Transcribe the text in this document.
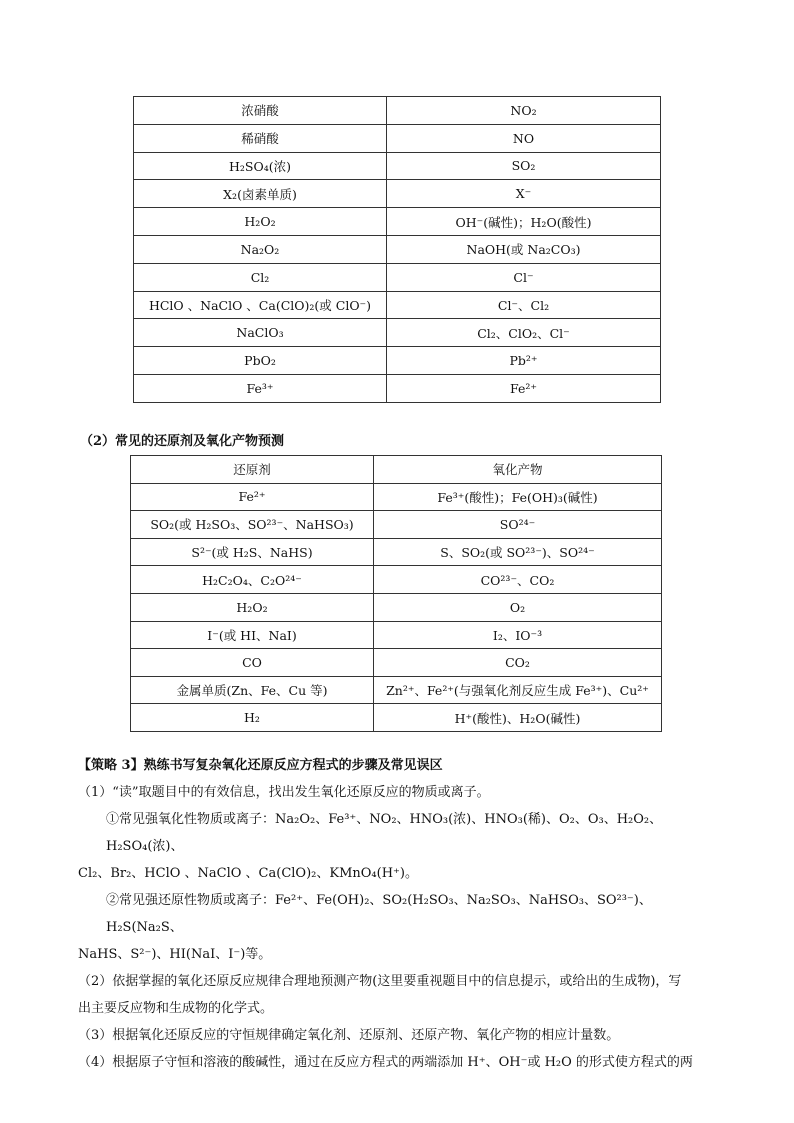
浓硝酸	NO₂
稀硝酸	NO
H₂SO₄(浓)	SO₂
X₂(卤素单质)	X⁻
H₂O₂	OH⁻(碱性)；H₂O(酸性)
Na₂O₂	NaOH(或 Na₂CO₃)
Cl₂	Cl⁻
HClO 、NaClO 、Ca(ClO)₂(或 ClO⁻)	Cl⁻、Cl₂
NaClO₃	Cl₂、ClO₂、Cl⁻
PbO₂	Pb²⁺
Fe³⁺	Fe²⁺
（2）常见的还原剂及氧化产物预测
还原剂	氧化产物
Fe²⁺	Fe³⁺(酸性)；Fe(OH)₃(碱性)
SO₂(或 H₂SO₃、SO²³⁻、NaHSO₃)	SO²⁴⁻
S²⁻(或 H₂S、NaHS)	S、SO₂(或 SO²³⁻)、SO²⁴⁻
H₂C₂O₄、C₂O²⁴⁻	CO²³⁻、CO₂
H₂O₂	O₂
I⁻(或 HI、NaI)	I₂、IO⁻³
CO	CO₂
金属单质(Zn、Fe、Cu 等)	Zn²⁺、Fe²⁺(与强氧化剂反应生成 Fe³⁺)、Cu²⁺
H₂	H⁺(酸性)、H₂O(碱性)

【策略 3】熟练书写复杂氧化还原反应方程式的步骤及常见误区

（1）“读”取题目中的有效信息，找出发生氧化还原反应的物质或离子。

①常见强氧化性物质或离子：Na₂O₂、Fe³⁺、NO₂、HNO₃(浓)、HNO₃(稀)、O₂、O₃、H₂O₂、H₂SO₄(浓)、

Cl₂、Br₂、HClO 、NaClO 、Ca(ClO)₂、KMnO₄(H⁺)。

②常见强还原性物质或离子：Fe²⁺、Fe(OH)₂、SO₂(H₂SO₃、Na₂SO₃、NaHSO₃、SO²³⁻)、H₂S(Na₂S、

NaHS、S²⁻)、HI(NaI、I⁻)等。

（2）依据掌握的氧化还原反应规律合理地预测产物(这里要重视题目中的信息提示，或给出的生成物)，写

出主要反应物和生成物的化学式。

（3）根据氧化还原反应的守恒规律确定氧化剂、还原剂、还原产物、氧化产物的相应计量数。

（4）根据原子守恒和溶液的酸碱性，通过在反应方程式的两端添加 H⁺、OH⁻或 H₂O 的形式使方程式的两
